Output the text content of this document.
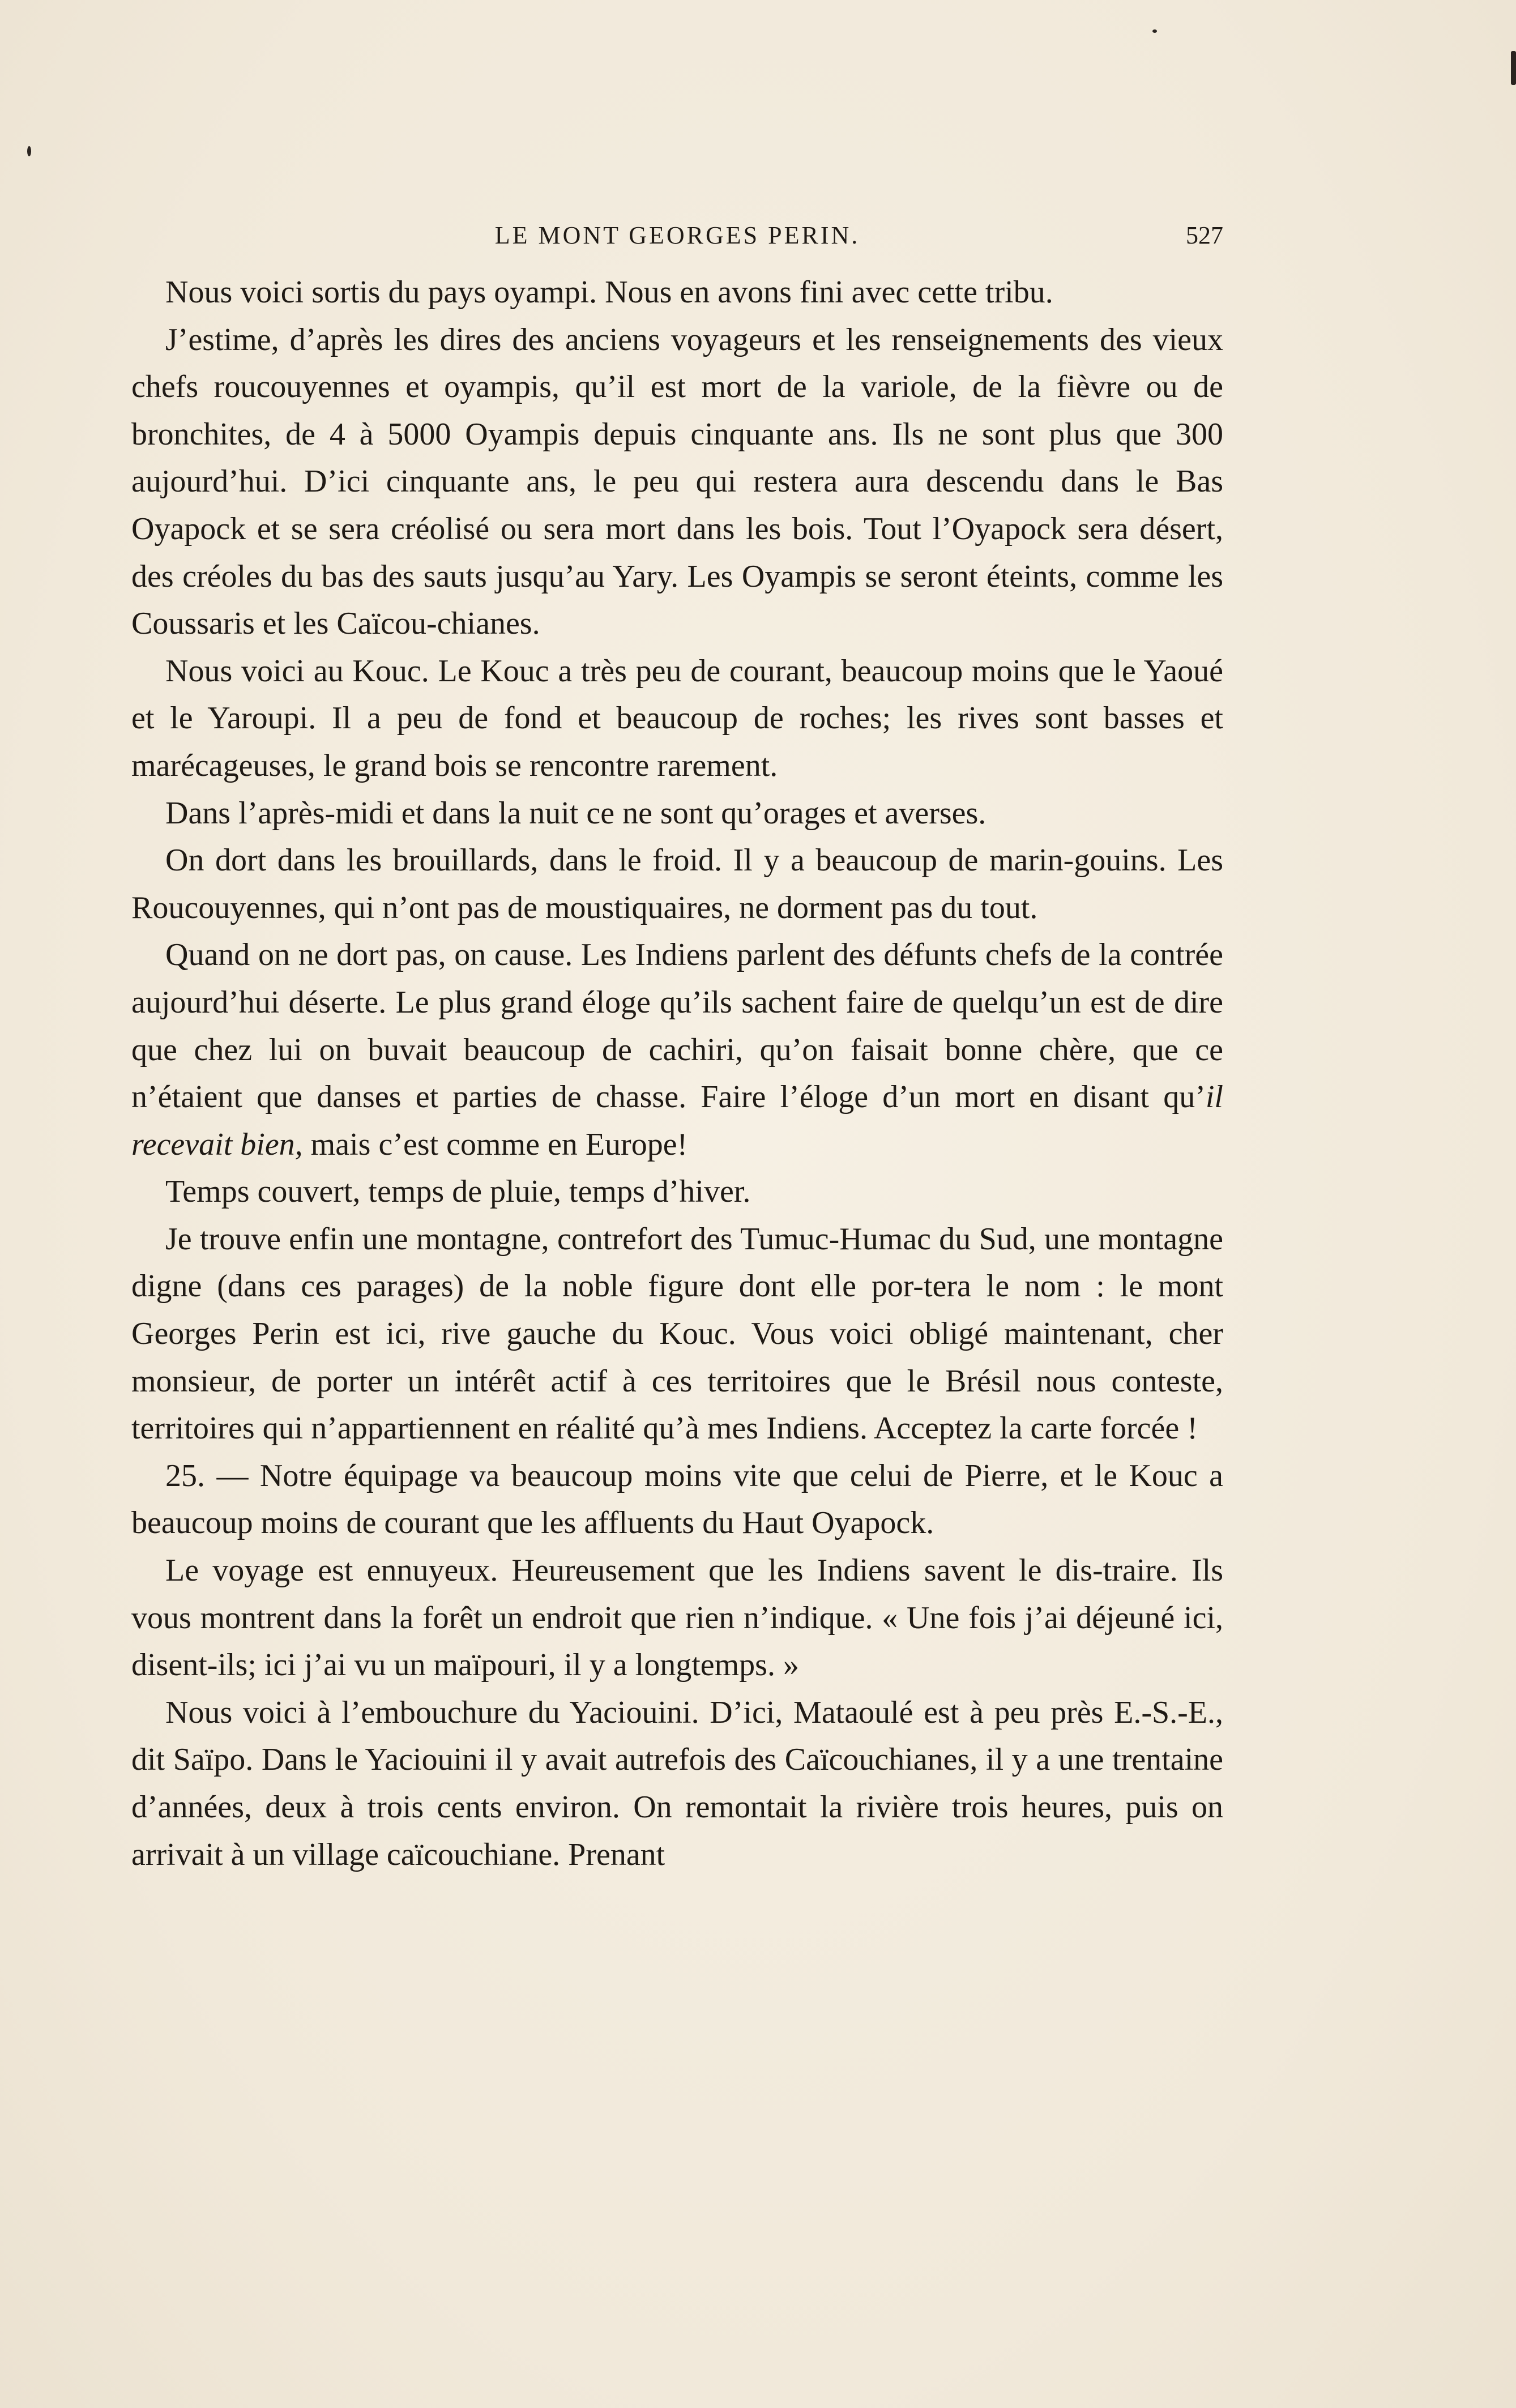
LE MONT GEORGES PERIN.	527

Nous voici sortis du pays oyampi. Nous en avons fini avec cette tribu.

J’estime, d’après les dires des anciens voyageurs et les renseignements des vieux chefs roucouyennes et oyampis, qu’il est mort de la variole, de la fièvre ou de bronchites, de 4 à 5000 Oyampis depuis cinquante ans. Ils ne sont plus que 300 aujourd’hui. D’ici cinquante ans, le peu qui restera aura descendu dans le Bas Oyapock et se sera créolisé ou sera mort dans les bois. Tout l’Oyapock sera désert, des créoles du bas des sauts jusqu’au Yary. Les Oyampis se seront éteints, comme les Coussaris et les Caïcou-chianes.

Nous voici au Kouc. Le Kouc a très peu de courant, beaucoup moins que le Yaoué et le Yaroupi. Il a peu de fond et beaucoup de roches; les rives sont basses et marécageuses, le grand bois se rencontre rarement.

Dans l’après-midi et dans la nuit ce ne sont qu’orages et averses.

On dort dans les brouillards, dans le froid. Il y a beaucoup de marin-gouins. Les Roucouyennes, qui n’ont pas de moustiquaires, ne dorment pas du tout.

Quand on ne dort pas, on cause. Les Indiens parlent des défunts chefs de la contrée aujourd’hui déserte. Le plus grand éloge qu’ils sachent faire de quelqu’un est de dire que chez lui on buvait beaucoup de cachiri, qu’on faisait bonne chère, que ce n’étaient que danses et parties de chasse. Faire l’éloge d’un mort en disant qu’il recevait bien, mais c’est comme en Europe!

Temps couvert, temps de pluie, temps d’hiver.

Je trouve enfin une montagne, contrefort des Tumuc-Humac du Sud, une montagne digne (dans ces parages) de la noble figure dont elle por-tera le nom : le mont Georges Perin est ici, rive gauche du Kouc. Vous voici obligé maintenant, cher monsieur, de porter un intérêt actif à ces territoires que le Brésil nous conteste, territoires qui n’appartiennent en réalité qu’à mes Indiens. Acceptez la carte forcée !

25. — Notre équipage va beaucoup moins vite que celui de Pierre, et le Kouc a beaucoup moins de courant que les affluents du Haut Oyapock.

Le voyage est ennuyeux. Heureusement que les Indiens savent le dis-traire. Ils vous montrent dans la forêt un endroit que rien n’indique. « Une fois j’ai déjeuné ici, disent-ils; ici j’ai vu un maïpouri, il y a longtemps. »

Nous voici à l’embouchure du Yaciouini. D’ici, Mataoulé est à peu près E.-S.-E., dit Saïpo. Dans le Yaciouini il y avait autrefois des Caïcouchianes, il y a une trentaine d’années, deux à trois cents environ. On remontait la rivière trois heures, puis on arrivait à un village caïcouchiane. Prenant
